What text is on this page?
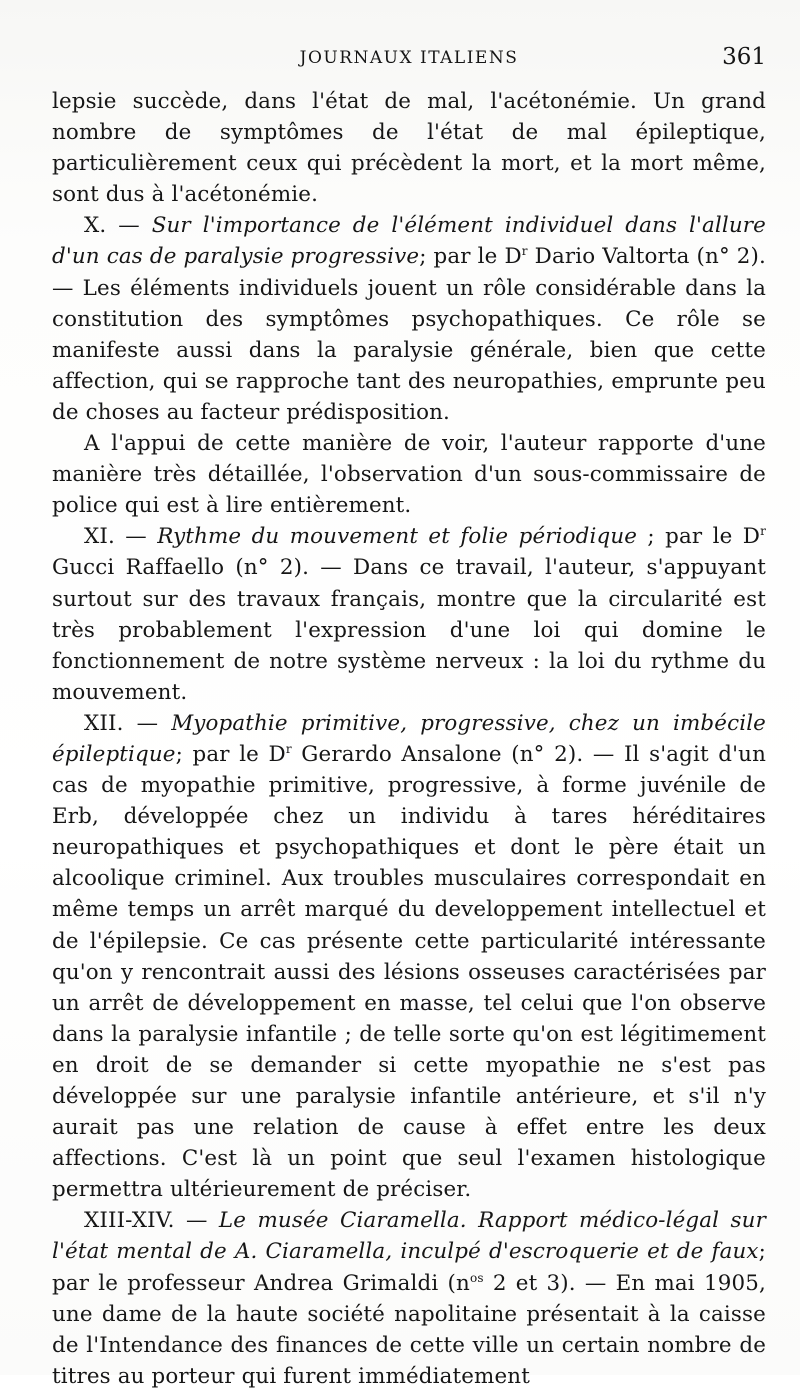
JOURNAUX ITALIENS	361

lepsie succède, dans l'état de mal, l'acétonémie. Un grand nombre de symptômes de l'état de mal épileptique, particulièrement ceux qui précèdent la mort, et la mort même, sont dus à l'acétonémie.

X. — Sur l'importance de l'élément individuel dans l'allure d'un cas de paralysie progressive; par le $D^r$ Dario Valtorta (n° 2). — Les éléments individuels jouent un rôle considérable dans la constitution des symptômes psychopathiques. Ce rôle se manifeste aussi dans la paralysie générale, bien que cette affection, qui se rapproche tant des neuropathies, emprunte peu de choses au facteur prédisposition.

A l'appui de cette manière de voir, l'auteur rapporte d'une manière très détaillée, l'observation d'un sous-commissaire de police qui est à lire entièrement.

XI. — Rythme du mouvement et folie périodique ; par le $D^r$ Gucci Raffaello (n° 2). — Dans ce travail, l'auteur, s'appuyant surtout sur des travaux français, montre que la circularité est très probablement l'expression d'une loi qui domine le fonctionnement de notre système nerveux : la loi du rythme du mouvement.

XII. — Myopathie primitive, progressive, chez un imbécile épileptique; par le $D^r$ Gerardo Ansalone (n° 2). — Il s'agit d'un cas de myopathie primitive, progressive, à forme juvénile de Erb, développée chez un individu à tares héréditaires neuropathiques et psychopathiques et dont le père était un alcoolique criminel. Aux troubles musculaires correspondait en même temps un arrêt marqué du developpement intellectuel et de l'épilepsie. Ce cas présente cette particularité intéressante qu'on y rencontrait aussi des lésions osseuses caractérisées par un arrêt de développement en masse, tel celui que l'on observe dans la paralysie infantile ; de telle sorte qu'on est légitimement en droit de se demander si cette myopathie ne s'est pas développée sur une paralysie infantile antérieure, et s'il n'y aurait pas une relation de cause à effet entre les deux affections. C'est là un point que seul l'examen histologique permettra ultérieurement de préciser.

XIII-XIV. — Le musée Ciaramella. Rapport médico-légal sur l'état mental de A. Ciaramella, inculpé d'escroquerie et de faux; par le professeur Andrea Grimaldi ($n^{os}$ 2 et 3). — En mai 1905, une dame de la haute société napolitaine présentait à la caisse de l'Intendance des finances de cette ville un certain nombre de titres au porteur qui furent immédiatement
